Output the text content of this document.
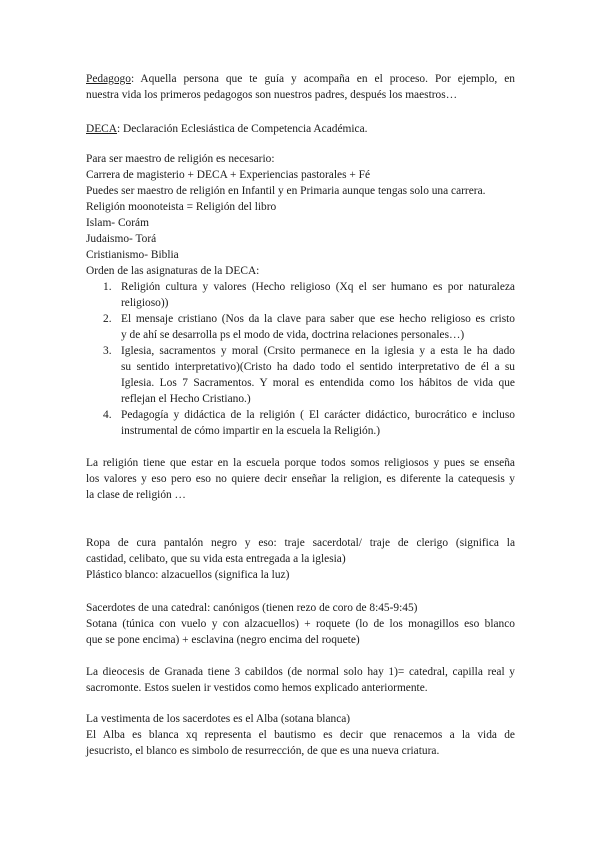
Pedagogo: Aquella persona que te guía y acompaña en el proceso. Por ejemplo, en
nuestra vida los primeros pedagogos son nuestros padres, después los maestros…
DECA: Declaración Eclesiástica de Competencia Académica.
Para ser maestro de religión es necesario:
Carrera de magisterio + DECA + Experiencias pastorales + Fé
Puedes ser maestro de religión en Infantil y en Primaria aunque tengas solo una carrera.
Religión moonoteista = Religión del libro
Islam- Corám
Judaismo- Torá
Cristianismo- Biblia
Orden de las asignaturas de la DECA:
1. Religión cultura y valores (Hecho religioso (Xq el ser humano es por naturaleza
religioso))
2. El mensaje cristiano (Nos da la clave para saber que ese hecho religioso es cristo
y de ahí se desarrolla ps el modo de vida, doctrina relaciones personales…)
3. Iglesia, sacramentos y moral (Crsito permanece en la iglesia y a esta le ha dado
su sentido interpretativo)(Cristo ha dado todo el sentido interpretativo de él a su
Iglesia. Los 7 Sacramentos. Y moral es entendida como los hábitos de vida que
reflejan el Hecho Cristiano.)
4. Pedagogía y didáctica de la religión ( El carácter didáctico, burocrático e incluso
instrumental de cómo impartir en la escuela la Religión.)
La religión tiene que estar en la escuela porque todos somos religiosos y pues se enseña
los valores y eso pero eso no quiere decir enseñar la religion, es diferente la catequesis y
la clase de religión …
Ropa de cura pantalón negro y eso: traje sacerdotal/ traje de clerigo (significa la
castidad, celibato, que su vida esta entregada a la iglesia)
Plástico blanco: alzacuellos (significa la luz)
Sacerdotes de una catedral: canónigos (tienen rezo de coro de 8:45-9:45)
Sotana (túnica con vuelo y con alzacuellos) + roquete (lo de los monagillos eso blanco
que se pone encima) + esclavina (negro encima del roquete)
La dieocesis de Granada tiene 3 cabildos (de normal solo hay 1)= catedral, capilla real y
sacromonte. Estos suelen ir vestidos como hemos explicado anteriormente.
La vestimenta de los sacerdotes es el Alba (sotana blanca)
El Alba es blanca xq representa el bautismo es decir que renacemos a la vida de
jesucristo, el blanco es simbolo de resurrección, de que es una nueva criatura.
